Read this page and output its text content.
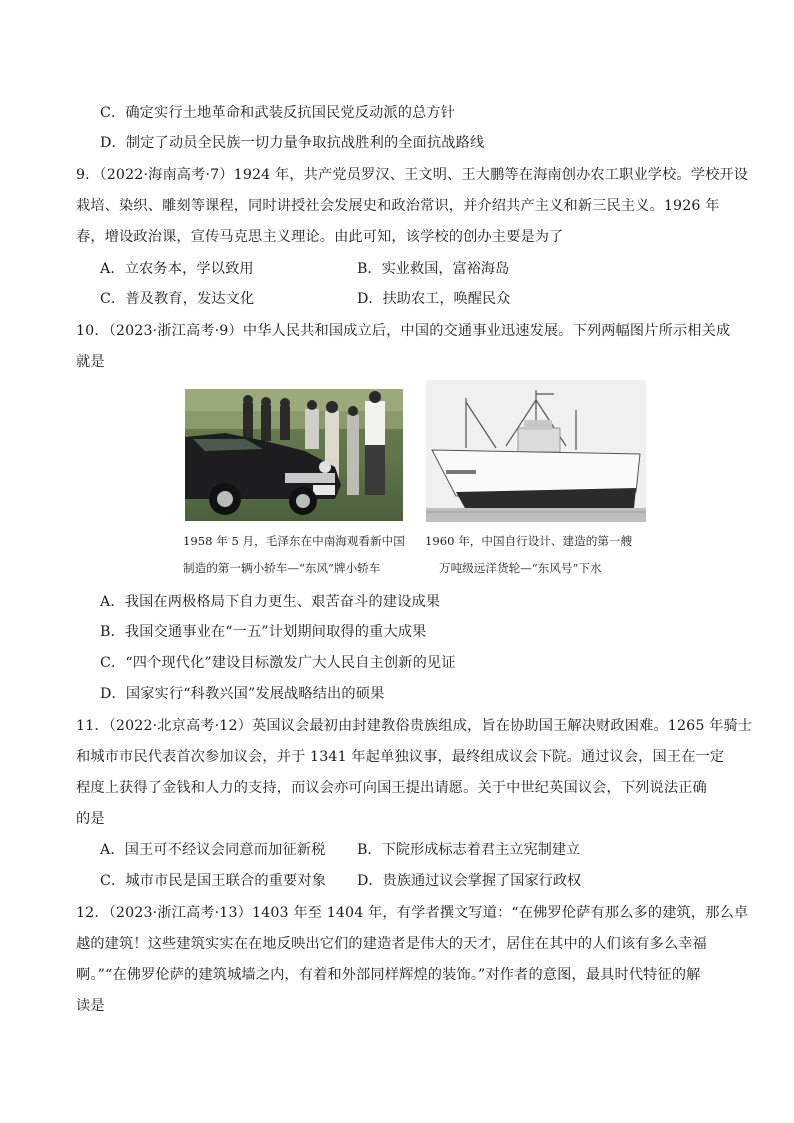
C．确定实行土地革命和武装反抗国民党反动派的总方针
D．制定了动员全民族一切力量争取抗战胜利的全面抗战路线
9．（2022·海南高考·7）1924 年，共产党员罗汉、王文明、王大鹏等在海南创办农工职业学校。学校开设
栽培、染织、雕刻等课程，同时讲授社会发展史和政治常识，并介绍共产主义和新三民主义。1926 年
春，增设政治课，宣传马克思主义理论。由此可知，该学校的创办主要是为了
A．立农务本，学以致用	B．实业救国，富裕海岛
C．普及教育，发达文化	D．扶助农工，唤醒民众
10．（2023·浙江高考·9）中华人民共和国成立后，中国的交通事业迅速发展。下列两幅图片所示相关成
就是
1958 年 5 月，毛泽东在中南海观看新中国
制造的第一辆小轿车—“东风”牌小轿车
1960 年，中国自行设计、建造的第一艘
万吨级远洋货轮—“东风号”下水
A．我国在两极格局下自力更生、艰苦奋斗的建设成果
B．我国交通事业在“一五”计划期间取得的重大成果
C．“四个现代化”建设目标激发广大人民自主创新的见证
D．国家实行“科教兴国”发展战略结出的硕果
11．（2022·北京高考·12）英国议会最初由封建教俗贵族组成，旨在协助国王解决财政困难。1265 年骑士
和城市市民代表首次参加议会，并于 1341 年起单独议事，最终组成议会下院。通过议会，国王在一定
程度上获得了金钱和人力的支持，而议会亦可向国王提出请愿。关于中世纪英国议会，下列说法正确
的是
A．国王可不经议会同意而加征新税 B．下院形成标志着君主立宪制建立
C．城市市民是国王联合的重要对象 D．贵族通过议会掌握了国家行政权
12．（2023·浙江高考·13）1403 年至 1404 年，有学者撰文写道：“在佛罗伦萨有那么多的建筑，那么卓
越的建筑！这些建筑实实在在地反映出它们的建造者是伟大的天才，居住在其中的人们该有多么幸福
啊。”“在佛罗伦萨的建筑城墙之内，有着和外部同样辉煌的装饰。”对作者的意图，最具时代特征的解
读是
